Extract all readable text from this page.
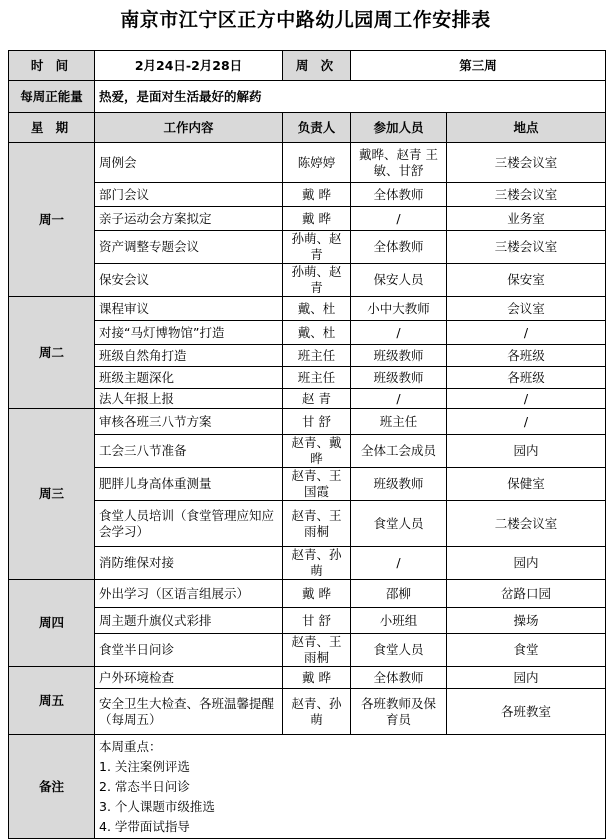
南京市江宁区正方中路幼儿园周工作安排表
时 间	2月24日-2月28日	周 次	第三周	
每周正能量	热爱，是面对生活最好的解药			
星 期	工作内容	负责人	参加人员	地点
周一	周例会	陈婷婷	戴晔、赵青 王敏、甘舒	三楼会议室
	部门会议	戴 晔	全体教师	三楼会议室
	亲子运动会方案拟定	戴 晔	/	业务室
	资产调整专题会议	孙萌、赵青	全体教师	三楼会议室
	保安会议	孙萌、赵青	保安人员	保安室
周二	课程审议	戴、杜	小中大教师	会议室
	对接“马灯博物馆”打造	戴、杜	/	/
	班级自然角打造	班主任	班级教师	各班级
	班级主题深化	班主任	班级教师	各班级
	法人年报上报	赵 青	/	/
周三	审核各班三八节方案	甘 舒	班主任	/
	工会三八节准备	赵青、戴晔	全体工会成员	园内
	肥胖儿身高体重测量	赵青、王国霞	班级教师	保健室
	食堂人员培训（食堂管理应知应会学习）	赵青、王雨桐	食堂人员	二楼会议室
	消防维保对接	赵青、孙萌	/	园内
周四	外出学习（区语言组展示）	戴 晔	邵柳	岔路口园
	周主题升旗仪式彩排	甘 舒	小班组	操场
	食堂半日问诊	赵青、王雨桐	食堂人员	食堂
周五	户外环境检查	戴 晔	全体教师	园内
	安全卫生大检查、各班温馨提醒（每周五）	赵青、孙萌	各班教师及保育员	各班教室
备注	本周重点：
1. 关注案例评选
2. 常态半日问诊
3. 个人课题市级推选
4. 学带面试指导			
